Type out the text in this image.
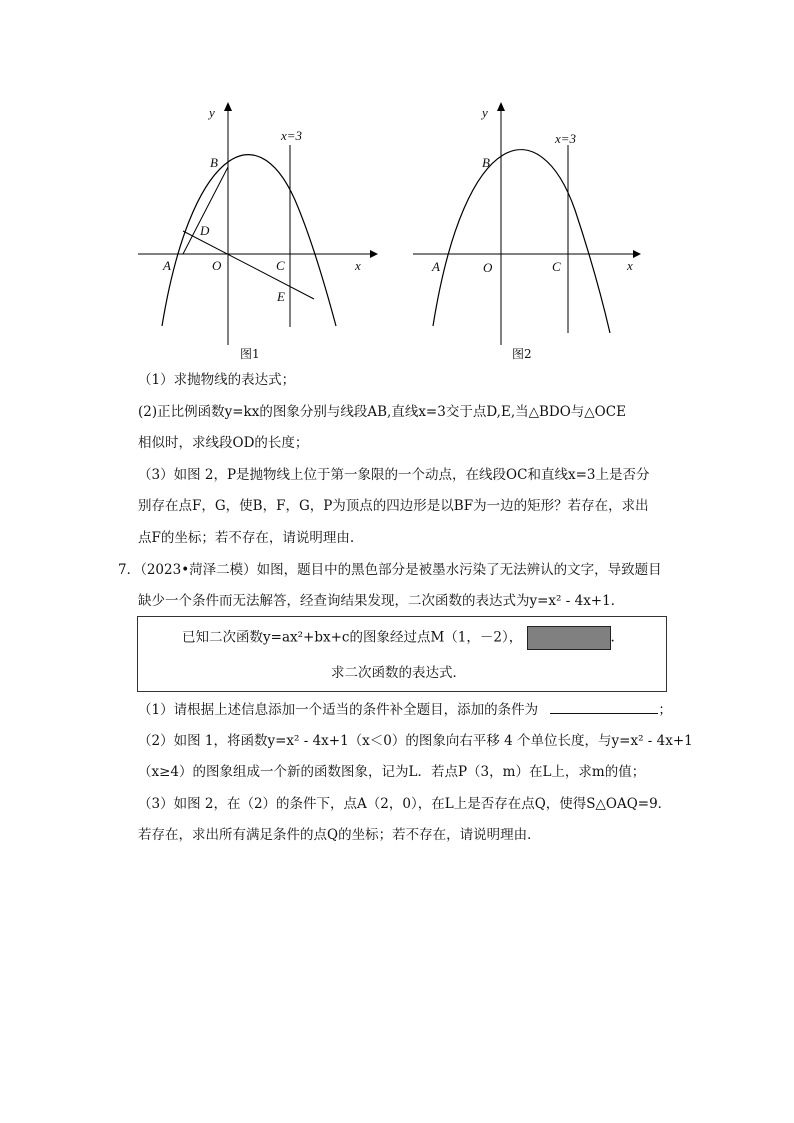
y
x=3
B
D
A	O	C	x
E
图1
y
x=3
B
A	O	C	x
图2
（1）求抛物线的表达式；
(2)正比例函数y=kx的图象分别与线段AB,直线x=3交于点D,E,当△BDO与△OCE
相似时，求线段OD的长度；
（3）如图 2，P是抛物线上位于第一象限的一个动点，在线段OC和直线x=3上是否分
别存在点F，G，使B，F，G，P为顶点的四边形是以BF为一边的矩形？若存在，求出
点F的坐标；若不存在，请说明理由.
7．（2023•菏泽二模）如图，题目中的黑色部分是被墨水污染了无法辨认的文字，导致题目
缺少一个条件而无法解答，经查询结果发现，二次函数的表达式为y=x² - 4x+1．
已知二次函数y=ax²+bx+c的图象经过点M（1，－2），	.
求二次函数的表达式．
（1）请根据上述信息添加一个适当的条件补全题目，添加的条件为	；
（2）如图 1，将函数y=x² - 4x+1（x＜0）的图象向右平移 4 个单位长度，与y=x² - 4x+1
（x≥4）的图象组成一个新的函数图象，记为L．若点P（3，m）在L上，求m的值；
（3）如图 2，在（2）的条件下，点A（2，0），在L上是否存在点Q，使得S△OAQ=9．
若存在，求出所有满足条件的点Q的坐标；若不存在，请说明理由．
